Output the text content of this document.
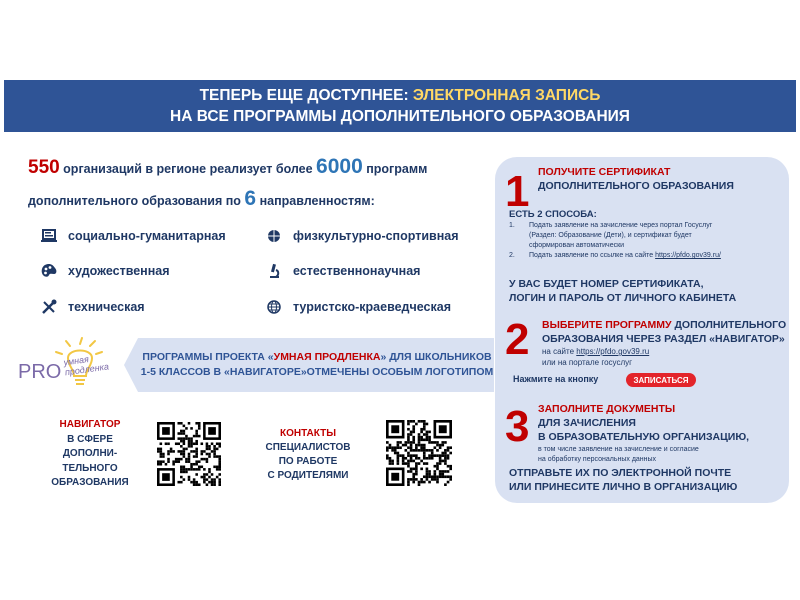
ТЕПЕРЬ ЕЩЕ ДОСТУПНЕЕ: ЭЛЕКТРОННАЯ ЗАПИСЬ
НА ВСЕ ПРОГРАММЫ ДОПОЛНИТЕЛЬНОГО ОБРАЗОВАНИЯ
550 организаций в регионе реализует более 6000 программ
дополнительного образования по 6 направленностям:
социально-гуманитарная	физкультурно-спортивная
художественная	естественнонаучная
техническая	туристско-краеведческая
PRO
умная продленка
ПРОГРАММЫ ПРОЕКТА «УМНАЯ ПРОДЛЕНКА» ДЛЯ ШКОЛЬНИКОВ
1-5 КЛАССОВ В «НАВИГАТОРЕ»ОТМЕЧЕНЫ ОСОБЫМ ЛОГОТИПОМ
НАВИГАТОР
В СФЕРЕ
ДОПОЛНИ-
ТЕЛЬНОГО
ОБРАЗОВАНИЯ
КОНТАКТЫ
СПЕЦИАЛИСТОВ
ПО РАБОТЕ
С РОДИТЕЛЯМИ
1 ПОЛУЧИТЕ СЕРТИФИКАТ
ДОПОЛНИТЕЛЬНОГО ОБРАЗОВАНИЯ
ЕСТЬ 2 СПОСОБА:
1.	Подать заявление на зачисление через портал Госуслуг
(Раздел: Образование (Дети), и сертификат будет
сформирован автоматически
2.	Подать заявление по ссылке на сайте https://pfdo.gov39.ru/
У ВАС БУДЕТ НОМЕР СЕРТИФИКАТА,
ЛОГИН И ПАРОЛЬ ОТ ЛИЧНОГО КАБИНЕТА
2 ВЫБЕРИТЕ ПРОГРАММУ ДОПОЛНИТЕЛЬНОГО
ОБРАЗОВАНИЯ ЧЕРЕЗ РАЗДЕЛ «НАВИГАТОР»
на сайте https://pfdo.gov39.ru
или на портале госуслуг
Нажмите на кнопку	ЗАПИСАТЬСЯ
3 ЗАПОЛНИТЕ ДОКУМЕНТЫ
ДЛЯ ЗАЧИСЛЕНИЯ
В ОБРАЗОВАТЕЛЬНУЮ ОРГАНИЗАЦИЮ,
в том числе заявление на зачисление и согласие
на обработку персональных данных
ОТПРАВЬТЕ ИХ ПО ЭЛЕКТРОННОЙ ПОЧТЕ
ИЛИ ПРИНЕСИТЕ ЛИЧНО В ОРГАНИЗАЦИЮ
